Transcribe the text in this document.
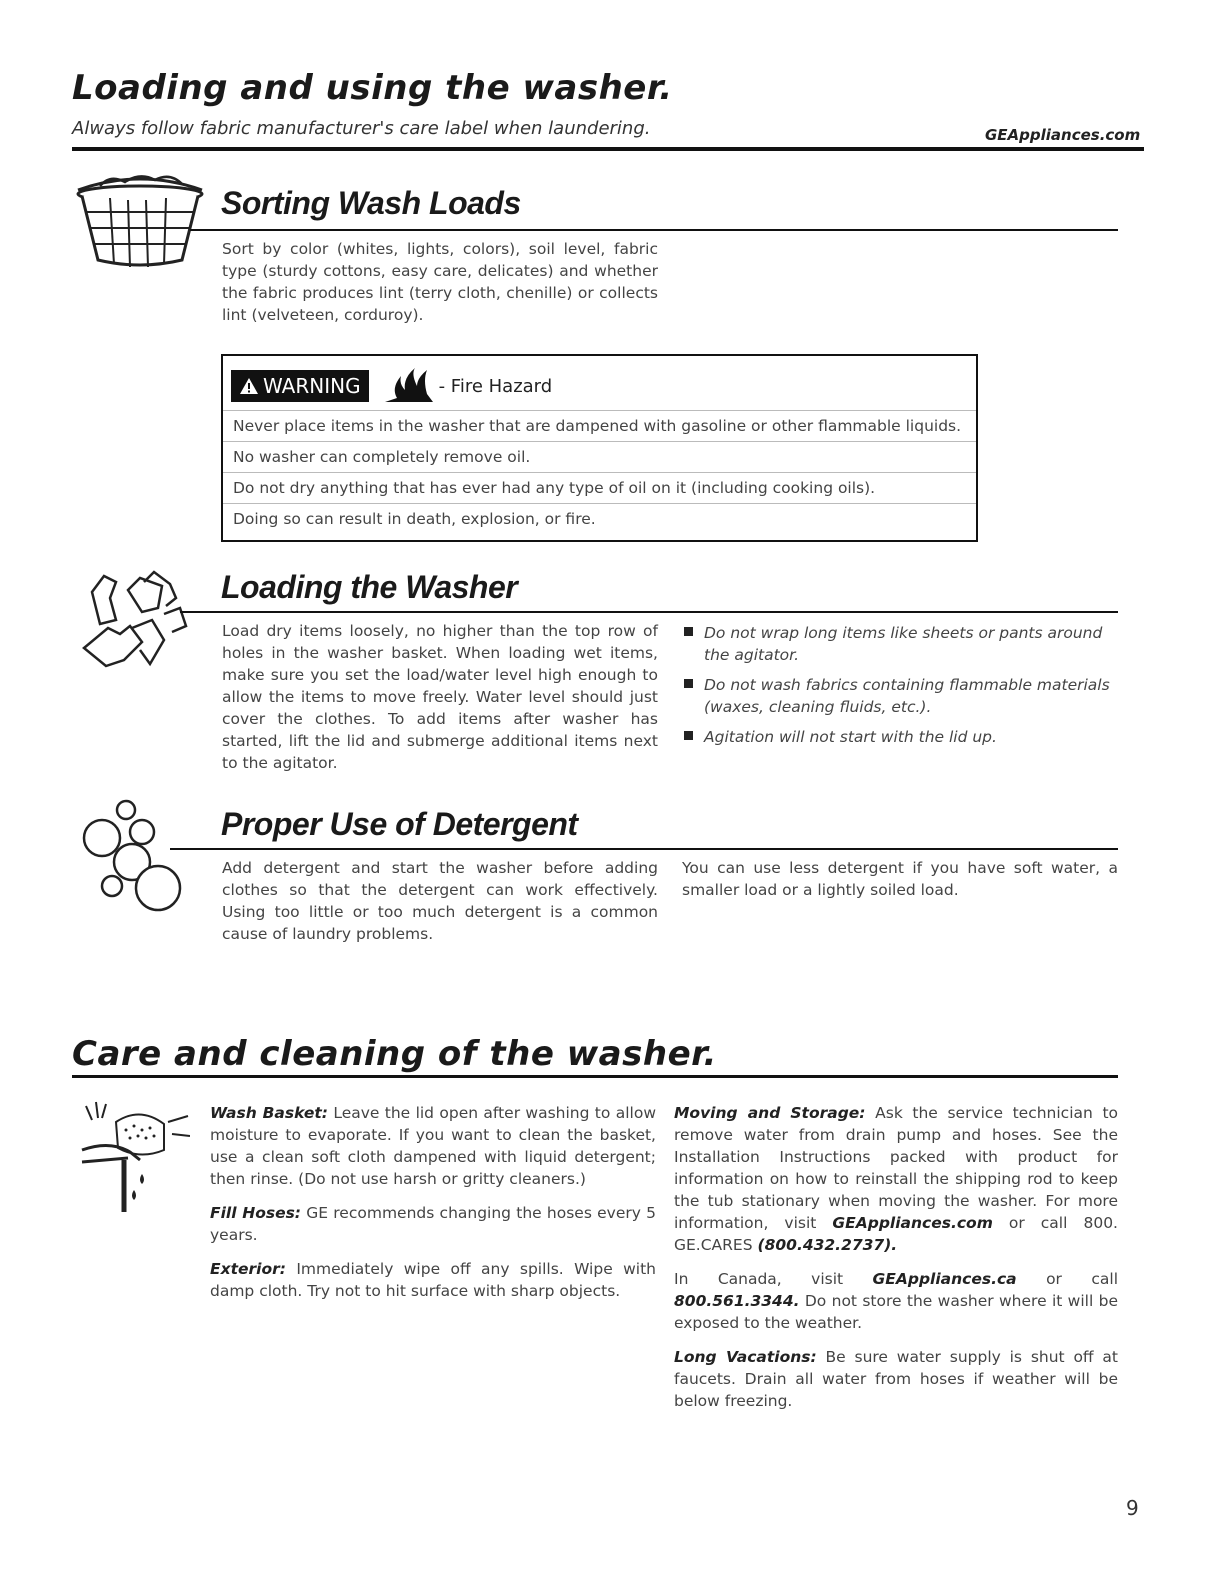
Loading and using the washer.
Always follow fabric manufacturer's care label when laundering.	GEAppliances.com
Sorting Wash Loads
Sort by color (whites, lights, colors), soil level, fabric type (sturdy cottons, easy care, delicates) and whether the fabric produces lint (terry cloth, chenille) or collects lint (velveteen, corduroy).
WARNING	- Fire Hazard
Never place items in the washer that are dampened with gasoline or other flammable liquids.
No washer can completely remove oil.
Do not dry anything that has ever had any type of oil on it (including cooking oils).
Doing so can result in death, explosion, or fire.
Loading the Washer
Load dry items loosely, no higher than the top row of holes in the washer basket. When loading wet items, make sure you set the load/water level high enough to allow the items to move freely. Water level should just cover the clothes. To add items after washer has started, lift the lid and submerge additional items next to the agitator.
Do not wrap long items like sheets or pants around the agitator.
Do not wash fabrics containing flammable materials (waxes, cleaning fluids, etc.).
Agitation will not start with the lid up.
Proper Use of Detergent
Add detergent and start the washer before adding clothes so that the detergent can work effectively. Using too little or too much detergent is a common cause of laundry problems.
You can use less detergent if you have soft water, a smaller load or a lightly soiled load.
Care and cleaning of the washer.

Wash Basket: Leave the lid open after washing to allow moisture to evaporate. If you want to clean the basket, use a clean soft cloth dampened with liquid detergent; then rinse. (Do not use harsh or gritty cleaners.)

Fill Hoses: GE recommends changing the hoses every 5 years.

Exterior: Immediately wipe off any spills. Wipe with damp cloth. Try not to hit surface with sharp objects.

Moving and Storage: Ask the service technician to remove water from drain pump and hoses. See the Installation Instructions packed with product for information on how to reinstall the shipping rod to keep the tub stationary when moving the washer. For more information, visit GEAppliances.com or call 800. GE.CARES (800.432.2737).

In Canada, visit GEAppliances.ca or call 800.561.3344. Do not store the washer where it will be exposed to the weather.

Long Vacations: Be sure water supply is shut off at faucets. Drain all water from hoses if weather will be below freezing.

9
